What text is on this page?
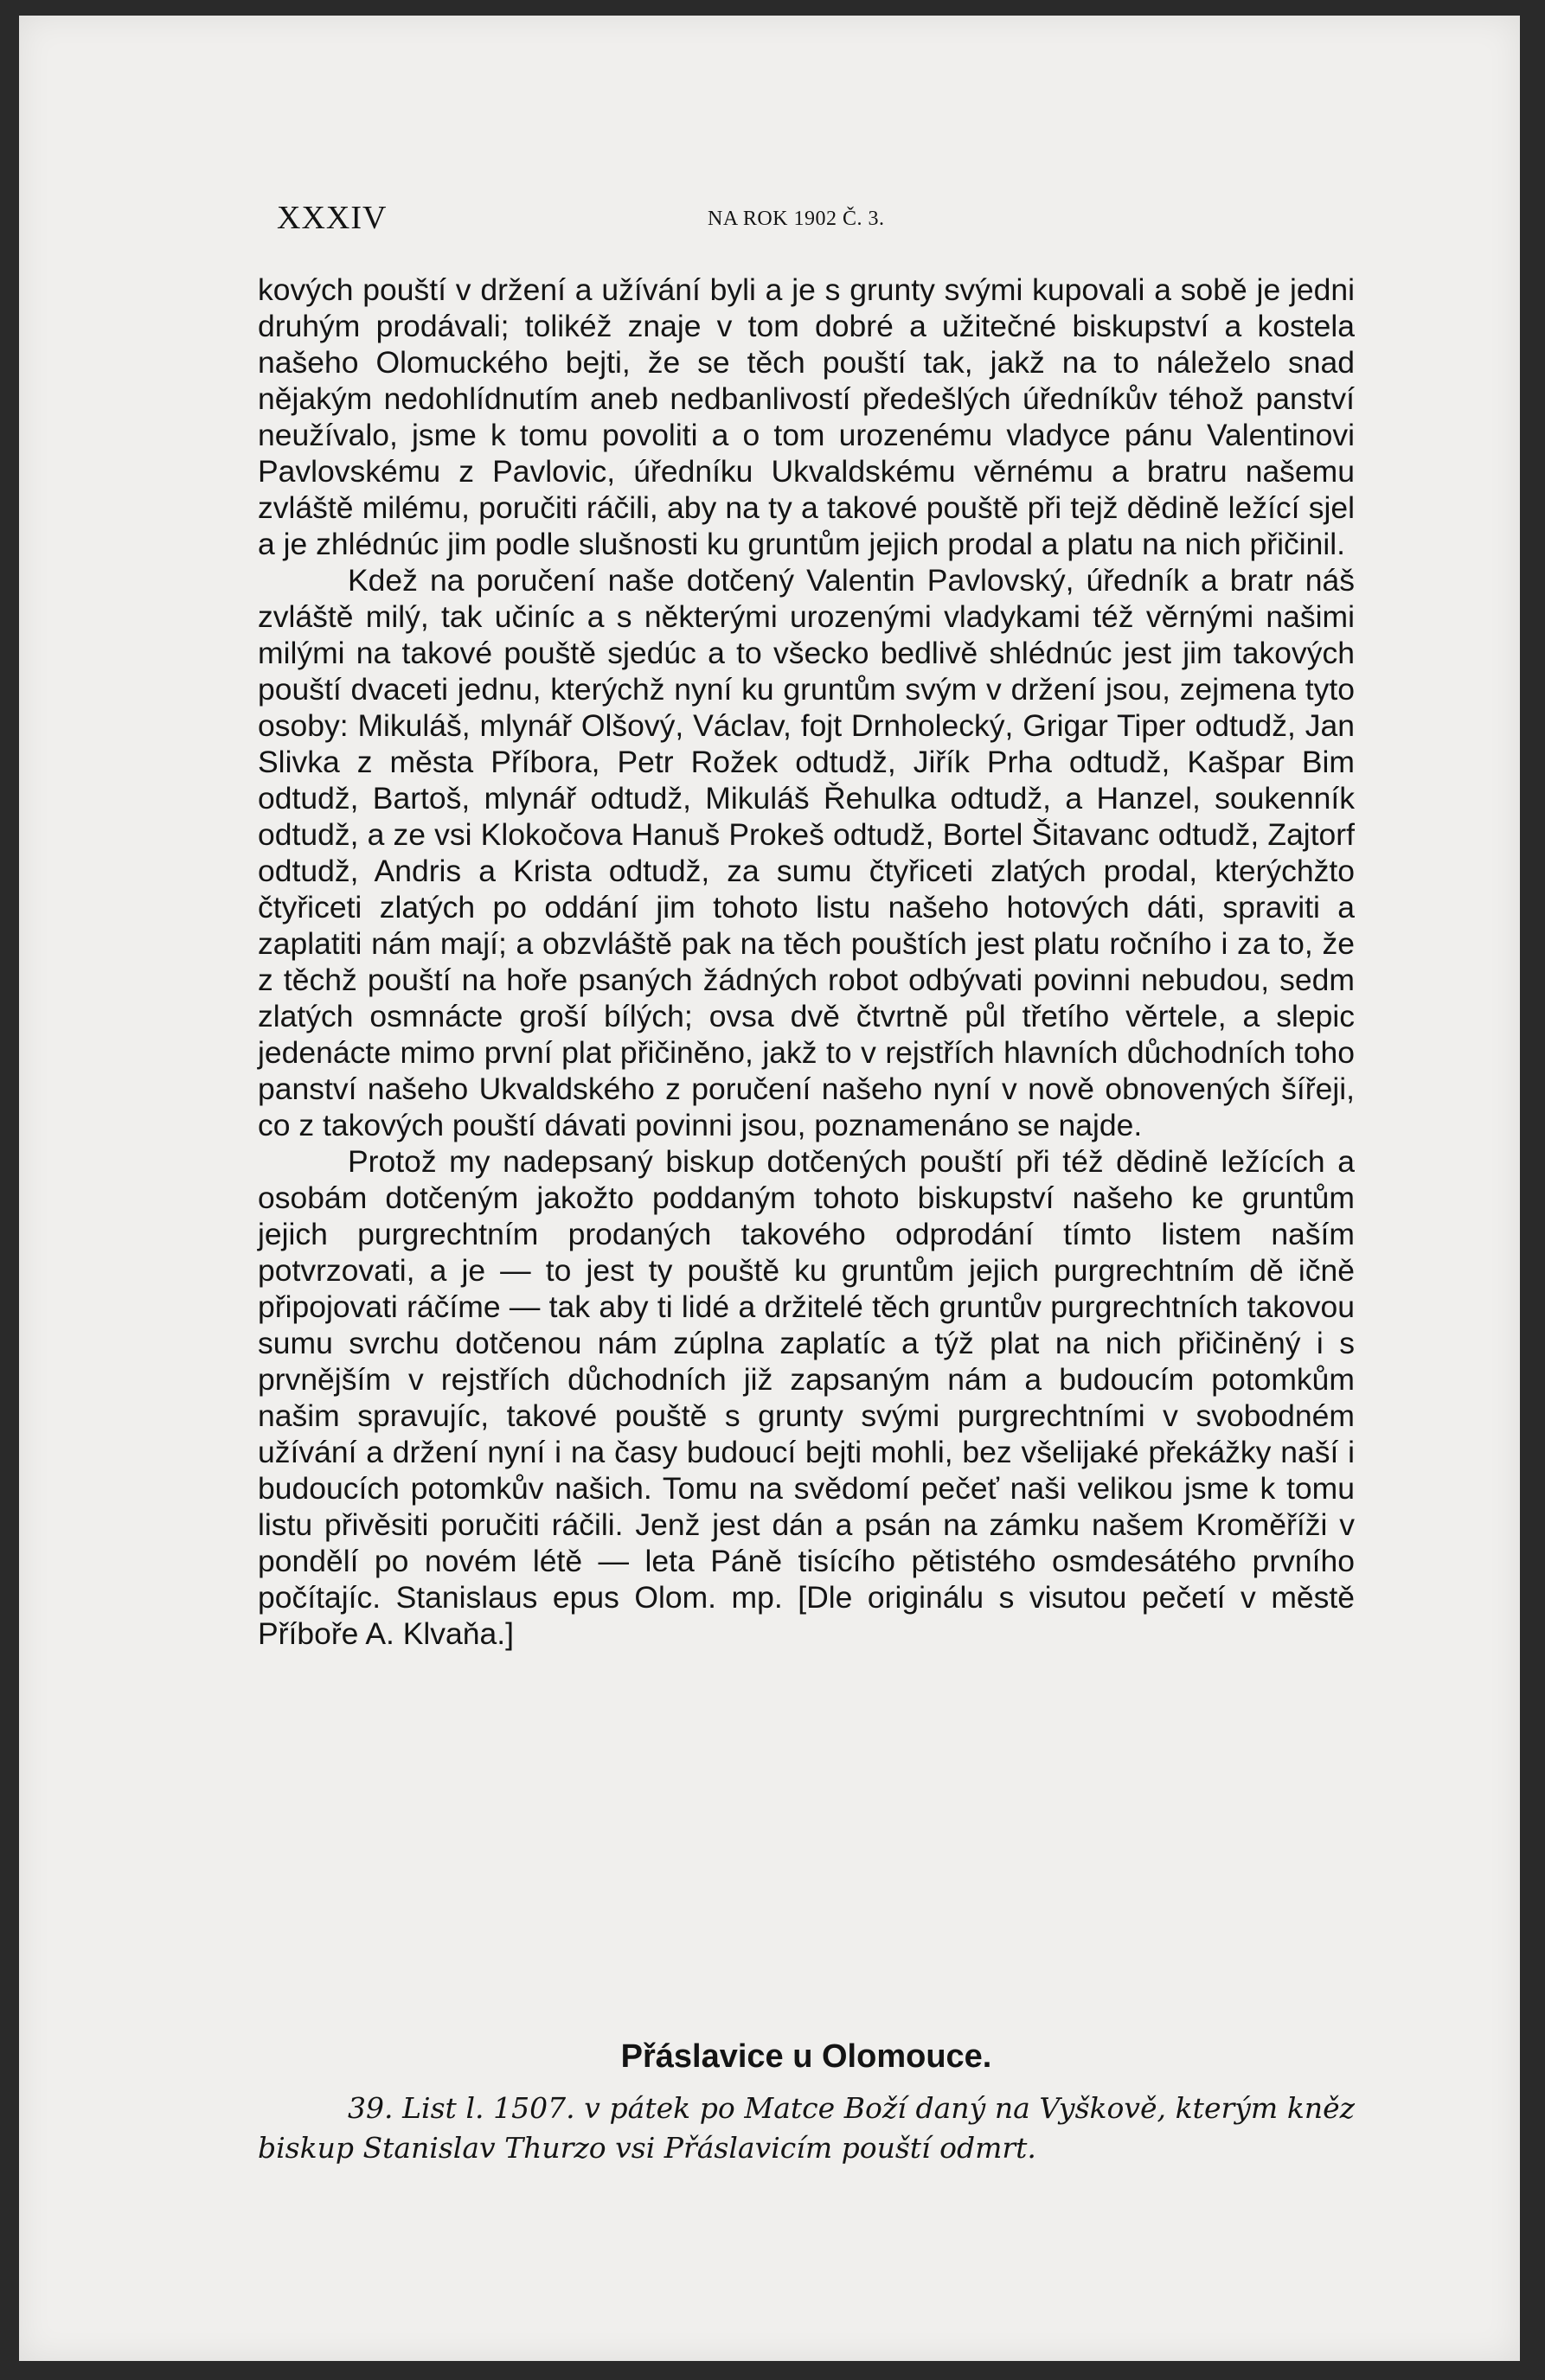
XXXIV	NA ROK 1902 Č. 3.

kových pouští v držení a užívání byli a je s grunty svými kupovali a sobě je jedni druhým prodávali; tolikéž znaje v tom dobré a užitečné biskupství a kostela našeho Olomuckého bejti, že se těch pouští tak, jakž na to náleželo snad nějakým nedohlídnutím aneb nedbanlivostí předešlých úředníkův téhož panství neužívalo, jsme k tomu povoliti a o tom urozenému vladyce pánu Valentinovi Pavlovskému z Pavlovic, úředníku Ukvaldskému věrnému a bratru našemu zvláště milému, poručiti ráčili, aby na ty a takové pouště při tejž dědině ležící sjel a je zhlédnúc jim podle slušnosti ku gruntům jejich prodal a platu na nich přičinil.

Kdež na poručení naše dotčený Valentin Pavlovský, úředník a bratr náš zvláště milý, tak učiníc a s některými urozenými vladykami též věrnými našimi milými na takové pouště sjedúc a to všecko bedlivě shlédnúc jest jim takových pouští dvaceti jednu, kterýchž nyní ku gruntům svým v držení jsou, zejmena tyto osoby: Mikuláš, mlynář Olšový, Václav, fojt Drnholecký, Grigar Tiper odtudž, Jan Slivka z města Příbora, Petr Rožek odtudž, Jiřík Prha odtudž, Kašpar Bim odtudž, Bartoš, mlynář odtudž, Mikuláš Řehulka odtudž, a Hanzel, soukenník odtudž, a ze vsi Klokočova Hanuš Prokeš odtudž, Bortel Šitavanc odtudž, Zajtorf odtudž, Andris a Krista odtudž, za sumu čtyřiceti zlatých prodal, kterýchžto čtyřiceti zlatých po oddání jim tohoto listu našeho hotových dáti, spraviti a zaplatiti nám mají; a obzvláště pak na těch pouštích jest platu ročního i za to, že z těchž pouští na hoře psaných žádných robot odbývati povinni nebudou, sedm zlatých osmnácte groší bílých; ovsa dvě čtvrtně půl třetího věrtele, a slepic jedenácte mimo první plat přičiněno, jakž to v rejstřích hlavních důchodních toho panství našeho Ukvaldského z poručení našeho nyní v nově obnovených šířeji, co z takových pouští dávati povinni jsou, poznamenáno se najde.

Protož my nadepsaný biskup dotčených pouští při též dědině ležících a osobám dotčeným jakožto poddaným tohoto biskupství našeho ke gruntům jejich purgrechtním prodaných takového odprodání tímto listem naším potvrzovati, a je — to jest ty pouště ku gruntům jejich purgrechtním dě ičně připojovati ráčíme — tak aby ti lidé a držitelé těch gruntův purgrechtních takovou sumu svrchu dotčenou nám zúplna zaplatíc a týž plat na nich přičiněný i s prvnějším v rejstřích důchodních již zapsaným nám a budoucím potomkům našim spravujíc, takové pouště s grunty svými purgrechtními v svobodném užívání a držení nyní i na časy budoucí bejti mohli, bez všelijaké překážky naší i budoucích potomkův našich. Tomu na svědomí pečeť naši velikou jsme k tomu listu přivěsiti poručiti ráčili. Jenž jest dán a psán na zámku našem Kroměříži v pondělí po novém létě — leta Páně tisícího pětistého osmdesátého prvního počítajíc. Stanislaus epus Olom. mp. [Dle originálu s visutou pečetí v městě Příboře A. Klvaňa.]

Přáslavice u Olomouce.

39. List l. 1507. v pátek po Matce Boží daný na Vyškově, kterým kněz biskup Stanislav Thurzo vsi Přáslavicím pouští odmrt.
